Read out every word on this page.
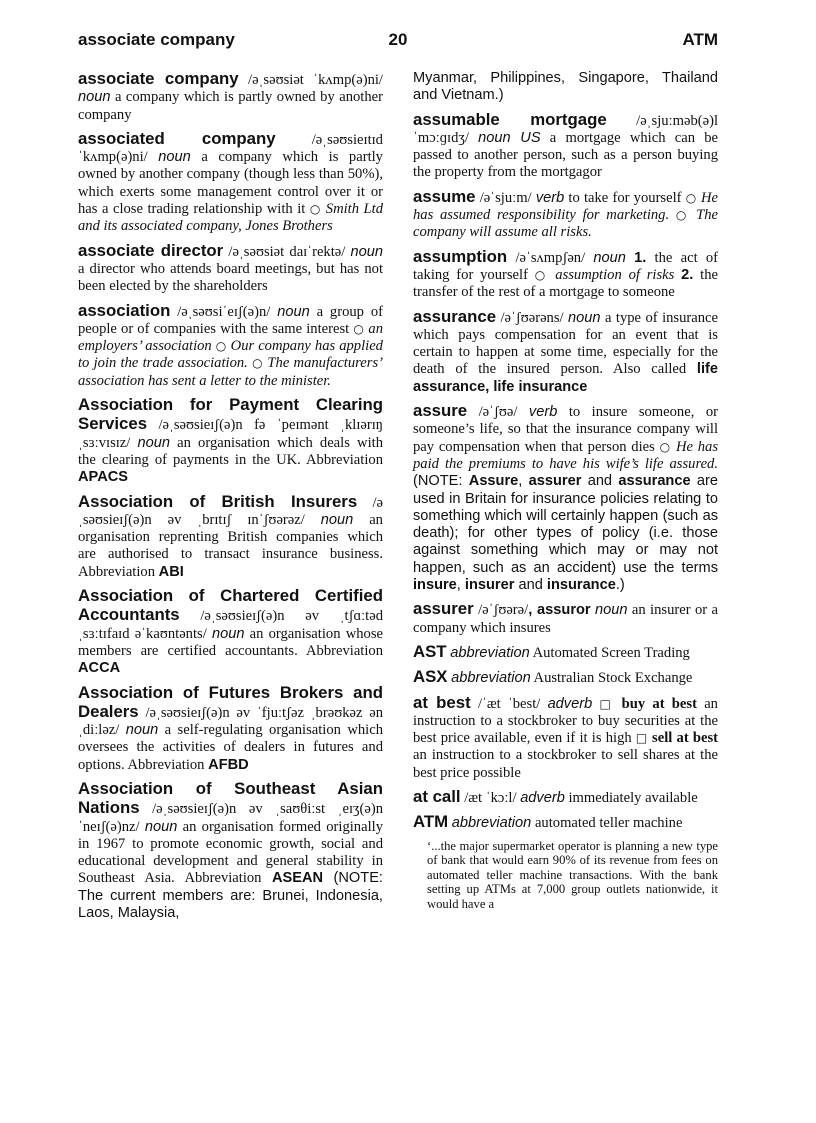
associate company	20	ATM

associate company /əˌsəʊsiət ˈkʌmp(ə)ni/ noun a company which is partly owned by another company

associated company /əˌsəʊsieɪtɪd ˈkʌmp(ə)ni/ noun a company which is partly owned by another company (though less than 50%), which exerts some management control over it or has a close trading relationship with it ○ Smith Ltd and its associated company, Jones Brothers

associate director /əˌsəʊsiət daɪˈrektə/ noun a director who attends board meetings, but has not been elected by the shareholders

association /əˌsəʊsiˈeɪʃ(ə)n/ noun a group of people or of companies with the same interest ○ an employers’ association ○ Our company has applied to join the trade association. ○ The manufacturers’ association has sent a letter to the minister.

Association for Payment Clearing Services /əˌsəʊsieɪʃ(ə)n fə ˈpeɪmənt ˌklɪərɪŋ ˌsɜːvɪsɪz/ noun an organisation which deals with the clearing of payments in the UK. Abbreviation APACS

Association of British Insurers /əˌsəʊsieɪʃ(ə)n əv ˌbrɪtɪʃ ɪnˈʃʊərəz/ noun an organisation reprenting British companies which are authorised to transact insurance business. Abbreviation ABI

Association of Chartered Certified Accountants /əˌsəʊsieɪʃ(ə)n əv ˌtʃɑːtəd ˌsɜːtɪfaɪd əˈkaʊntənts/ noun an organisation whose members are certified accountants. Abbreviation ACCA

Association of Futures Brokers and Dealers /əˌsəʊsieɪʃ(ə)n əv ˈfjuːtʃəz ˌbrəʊkəz ən ˌdiːləz/ noun a self-regulating organisation which oversees the activities of dealers in futures and options. Abbreviation AFBD

Association of Southeast Asian Nations /əˌsəʊsieɪʃ(ə)n əv ˌsaʊθiːst ˌeɪʒ(ə)n ˈneɪʃ(ə)nz/ noun an organisation formed originally in 1967 to promote economic growth, social and educational development and general stability in Southeast Asia. Abbreviation ASEAN (NOTE: The current members are: Brunei, Indonesia, Laos, Malaysia,

Myanmar, Philippines, Singapore, Thailand and Vietnam.)

assumable mortgage /əˌsjuːməb(ə)l ˈmɔːɡɪdʒ/ noun US a mortgage which can be passed to another person, such as a person buying the property from the mortgagor

assume /əˈsjuːm/ verb to take for yourself ○ He has assumed responsibility for marketing. ○ The company will assume all risks.

assumption /əˈsʌmpʃən/ noun 1. the act of taking for yourself ○ assumption of risks 2. the transfer of the rest of a mortgage to someone

assurance /əˈʃʊərəns/ noun a type of insurance which pays compensation for an event that is certain to happen at some time, especially for the death of the insured person. Also called life assurance, life insurance

assure /əˈʃʊə/ verb to insure someone, or someone’s life, so that the insurance company will pay compensation when that person dies ○ He has paid the premiums to have his wife’s life assured. (NOTE: Assure, assurer and assurance are used in Britain for insurance policies relating to something which will certainly happen (such as death); for other types of policy (i.e. those against something which may or may not happen, such as an accident) use the terms insure, insurer and insurance.)

assurer /əˈʃʊərə/, assuror noun an insurer or a company which insures

AST abbreviation Automated Screen Trading

ASX abbreviation Australian Stock Exchange

at best /ˈæt ˈbest/ adverb □ buy at best an instruction to a stockbroker to buy securities at the best price available, even if it is high □ sell at best an instruction to a stockbroker to sell shares at the best price possible

at call /æt ˈkɔːl/ adverb immediately available

ATM abbreviation automated teller machine

‘...the major supermarket operator is planning a new type of bank that would earn 90% of its revenue from fees on automated teller machine transactions. With the bank setting up ATMs at 7,000 group outlets nationwide, it would have a
